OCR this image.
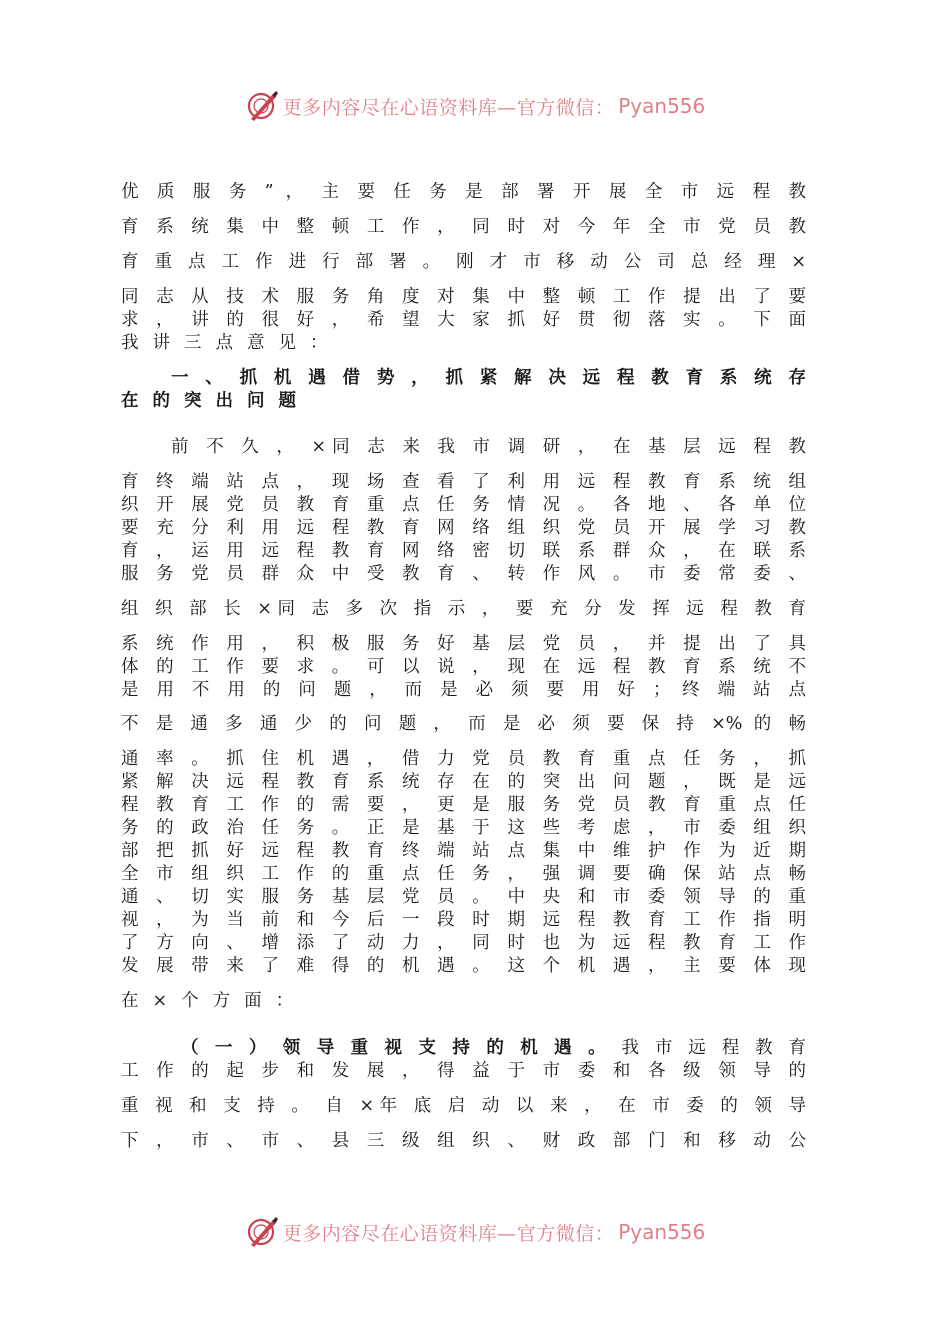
更多内容尽在心语资料库—官方微信： Pyan556
优 质 服 务 ” ， 主 要 任 务 是 部 署 开 展 全 市 远 程 教
育 系 统 集 中 整 顿 工 作 ， 同 时 对 今 年 全 市 党 员 教
育 重 点 工 作 进 行 部 署 。 刚 才 市 移 动 公 司 总 经 理 ×
同 志 从 技 术 服 务 角 度 对 集 中 整 顿 工 作 提 出 了 要
求 ， 讲 的 很 好 ， 希 望 大 家 抓 好 贯 彻 落 实 。 下 面
我讲三点意见：
一 、 抓 机 遇 借 势 ， 抓 紧 解 决 远 程 教 育 系 统 存
在的突出问题
前 不 久 ， ×同 志 来 我 市 调 研 ， 在 基 层 远 程 教
育 终 端 站 点 ， 现 场 查 看 了 利 用 远 程 教 育 系 统 组
织 开 展 党 员 教 育 重 点 任 务 情 况 。 各 地 、 各 单 位
要 充 分 利 用 远 程 教 育 网 络 组 织 党 员 开 展 学 习 教
育 ， 运 用 远 程 教 育 网 络 密 切 联 系 群 众 ， 在 联 系
服 务 党 员 群 众 中 受 教 育 、 转 作 风 。 市 委 常 委 、
组 织 部 长 ×同 志 多 次 指 示 ， 要 充 分 发 挥 远 程 教 育
系 统 作 用 ， 积 极 服 务 好 基 层 党 员 ， 并 提 出 了 具
体 的 工 作 要 求 。 可 以 说 ， 现 在 远 程 教 育 系 统 不
是 用 不 用 的 问 题 ， 而 是 必 须 要 用 好 ； 终 端 站 点
不 是 通 多 通 少 的 问 题 ， 而 是 必 须 要 保 持 ×% 的 畅
通 率 。 抓 住 机 遇 ， 借 力 党 员 教 育 重 点 任 务 ， 抓
紧 解 决 远 程 教 育 系 统 存 在 的 突 出 问 题 ， 既 是 远
程 教 育 工 作 的 需 要 ， 更 是 服 务 党 员 教 育 重 点 任
务 的 政 治 任 务 。 正 是 基 于 这 些 考 虑 ， 市 委 组 织
部 把 抓 好 远 程 教 育 终 端 站 点 集 中 维 护 作 为 近 期
全 市 组 织 工 作 的 重 点 任 务 ， 强 调 要 确 保 站 点 畅
通 、 切 实 服 务 基 层 党 员 。 中 央 和 市 委 领 导 的 重
视 ， 为 当 前 和 今 后 一 段 时 期 远 程 教 育 工 作 指 明
了 方 向 、 增 添 了 动 力 ， 同 时 也 为 远 程 教 育 工 作
发 展 带 来 了 难 得 的 机 遇 。 这 个 机 遇 ， 主 要 体 现
在×个方面：
（ 一 ） 领 导 重 视 支 持 的 机 遇 。 我 市 远 程 教 育
工 作 的 起 步 和 发 展 ， 得 益 于 市 委 和 各 级 领 导 的
重 视 和 支 持 。 自 ×年 底 启 动 以 来 ， 在 市 委 的 领 导
下 ， 市 、 市 、 县 三 级 组 织 、 财 政 部 门 和 移 动 公
更多内容尽在心语资料库—官方微信： Pyan556
